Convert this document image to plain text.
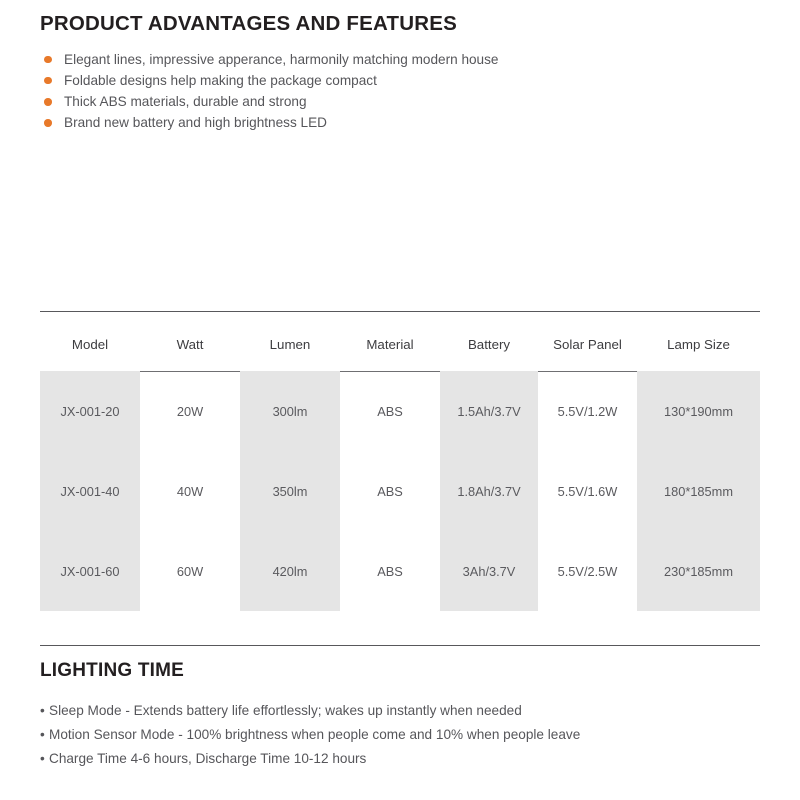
PRODUCT ADVANTAGES AND FEATURES
Elegant lines, impressive apperance, harmonily matching modern house
Foldable designs help making the package compact
Thick ABS materials, durable and strong
Brand new battery and high brightness LED
Model	Watt	Lumen	Material	Battery	Solar Panel	Lamp Size
JX-001-20	20W	300lm	ABS	1.5Ah/3.7V	5.5V/1.2W	130*190mm
JX-001-40	40W	350lm	ABS	1.8Ah/3.7V	5.5V/1.6W	180*185mm
JX-001-60	60W	420lm	ABS	3Ah/3.7V	5.5V/2.5W	230*185mm
LIGHTING TIME
• Sleep Mode - Extends battery life effortlessly; wakes up instantly when needed
• Motion Sensor Mode - 100% brightness when people come and 10% when people leave
• Charge Time 4-6 hours, Discharge Time 10-12 hours
